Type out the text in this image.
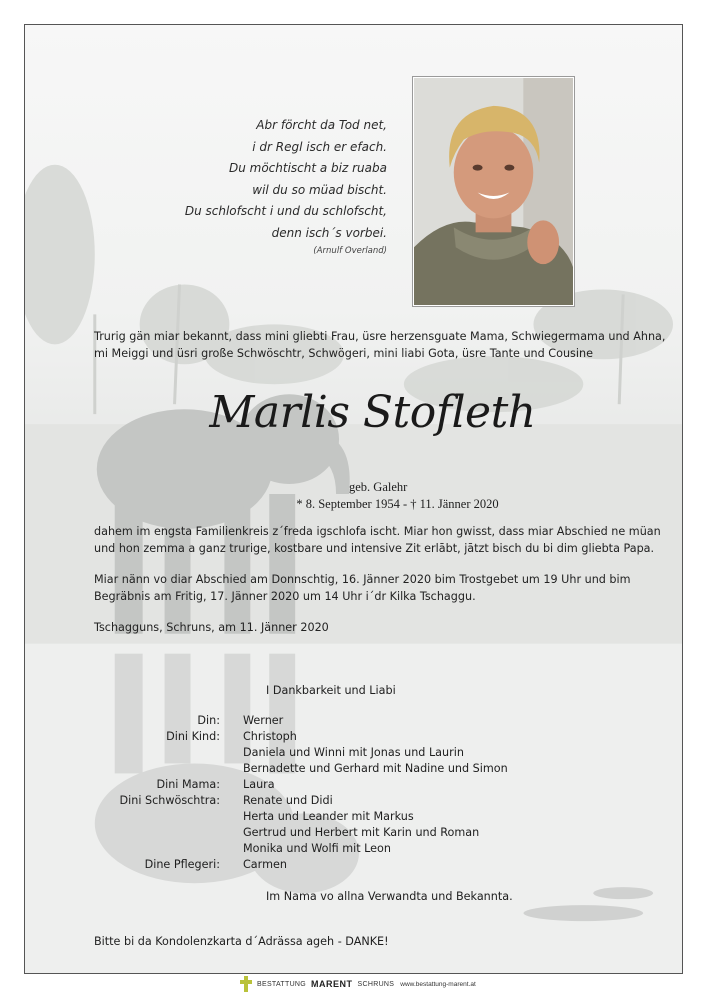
Abr förcht da Tod net,
i dr Regl isch er efach.
Du möchtischt a biz ruaba
wil du so müad bischt.
Du schlofscht i und du schlofscht,
denn isch´s vorbei.
(Arnulf Overland)
Trurig gän miar bekannt, dass mini gliebti Frau, üsre herzensguate Mama, Schwiegermama und Ahna,
mi Meiggi und üsri große Schwöschtr, Schwögeri, mini liabi Gota, üsre Tante und Cousine
Marlis Stofleth
geb. Galehr
* 8. September 1954 - † 11. Jänner 2020

dahem im engsta Familienkreis z´freda igschlofa ischt. Miar hon gwisst, dass miar Abschied ne müan
und hon zemma a ganz trurige, kostbare und intensive Zit erlābt, jātzt bisch du bi dim gliebta Papa.

Miar nänn vo diar Abschied am Donnschtig, 16. Jänner 2020 bim Trostgebet um 19 Uhr und bim
Begräbnis am Fritig, 17. Jänner 2020 um 14 Uhr i´dr Kilka Tschaggu.

Tschagguns, Schruns, am 11. Jänner 2020

I Dankbarkeit und Liabi
Din:	Werner
Dini Kind:	Christoph
Daniela und Winni mit Jonas und Laurin
Bernadette und Gerhard mit Nadine und Simon
Dini Mama:	Laura
Dini Schwöschtra:	Renate und Didi
Herta und Leander mit Markus
Gertrud und Herbert mit Karin und Roman
Monika und Wolfi mit Leon
Dine Pflegeri:	Carmen
Im Nama vo allna Verwandta und Bekannta.
Bitte bi da Kondolenzkarta d´Adrässa ageh - DANKE!
BESTATTUNG MARENT SCHRUNS www.bestattung-marent.at
